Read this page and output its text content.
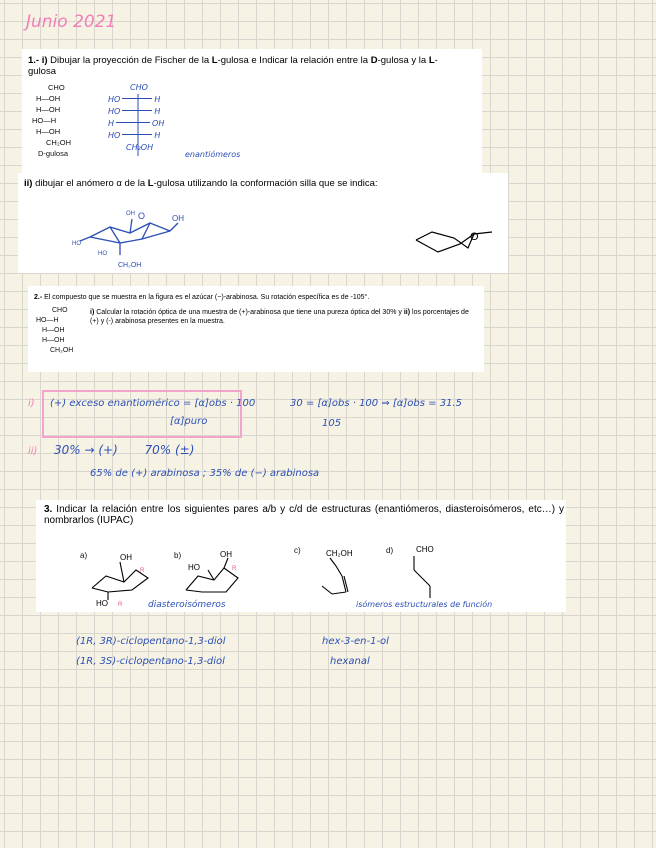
Junio 2021
1.- i) Dibujar la proyección de Fischer de la L-gulosa e Indicar la relación entre la D-gulosa y la L-
gulosa
CHO
H—OH
H—OH
HO—H
H—OH
CH₂OH
D-gulosa
CHO
HO	H
HO	H
H	OH
HO	H
CH₂OH
enantiómeros
ii) dibujar el anómero α de la L-gulosa utilizando la conformación silla que se indica:
O	OH
OH
HO
HO
CH₂OH
O
2.- El compuesto que se muestra en la figura es el azúcar (−)-arabinosa. Su rotación específica es de -105°.
CHO
HO—H
H—OH
H—OH
CH₂OH
i) Calcular la rotación óptica de una muestra de (+)-arabinosa que tiene una pureza óptica del 30% y ii) los porcentajes de (+) y (-) arabinosa presentes en la muestra.
i) (+) exceso enantiomérico = [α]obs · 100
[α]puro
30 = [α]obs · 100 ⇒ [α]obs = 31.5
105
ii) 30% → (+)       70% (±)
65% de (+) arabinosa ; 35% de (−) arabinosa
3. Indicar la relación entre los siguientes pares a/b y c/d de estructuras (enantiómeros, diasteroisómeros, etc…) y nombrarlos (IUPAC)
a)	b)
c)	d)
OH
HO
R
R
OH
HO	R
CH₂OH	CHO
diasteroisómeros	isómeros estructurales de función
(1R, 3R)-ciclopentano-1,3-diol
(1R, 3S)-ciclopentano-1,3-diol
hex-3-en-1-ol
hexanal
